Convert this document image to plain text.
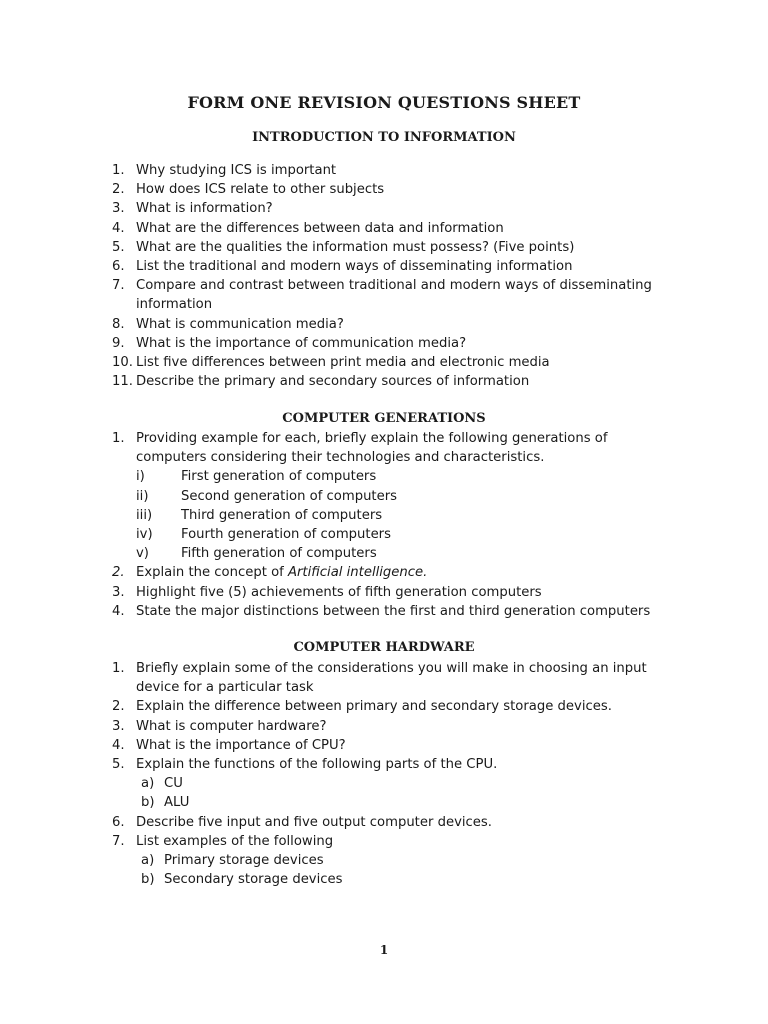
FORM ONE REVISION QUESTIONS SHEET
INTRODUCTION TO INFORMATION
1. Why studying ICS is important
2. How does ICS relate to other subjects
3. What is information?
4. What are the differences between data and information
5. What are the qualities the information must possess? (Five points)
6. List the traditional and modern ways of disseminating information
7. Compare and contrast between traditional and modern ways of disseminating
information
8. What is communication media?
9. What is the importance of communication media?
10. List five differences between print media and electronic media
11. Describe the primary and secondary sources of information
COMPUTER GENERATIONS
1. Providing example for each, briefly explain the following generations of
computers considering their technologies and characteristics.
i)	First generation of computers
ii) Second generation of computers
iii) Third generation of computers
iv) Fourth generation of computers
v) Fifth generation of computers
2. Explain the concept of Artificial intelligence.
3. Highlight five (5) achievements of fifth generation computers
4. State the major distinctions between the first and third generation computers
COMPUTER HARDWARE
1. Briefly explain some of the considerations you will make in choosing an input
device for a particular task
2. Explain the difference between primary and secondary storage devices.
3. What is computer hardware?
4. What is the importance of CPU?
5. Explain the functions of the following parts of the CPU.
a) CU
b) ALU
6. Describe five input and five output computer devices.
7. List examples of the following
a) Primary storage devices
b) Secondary storage devices
1
